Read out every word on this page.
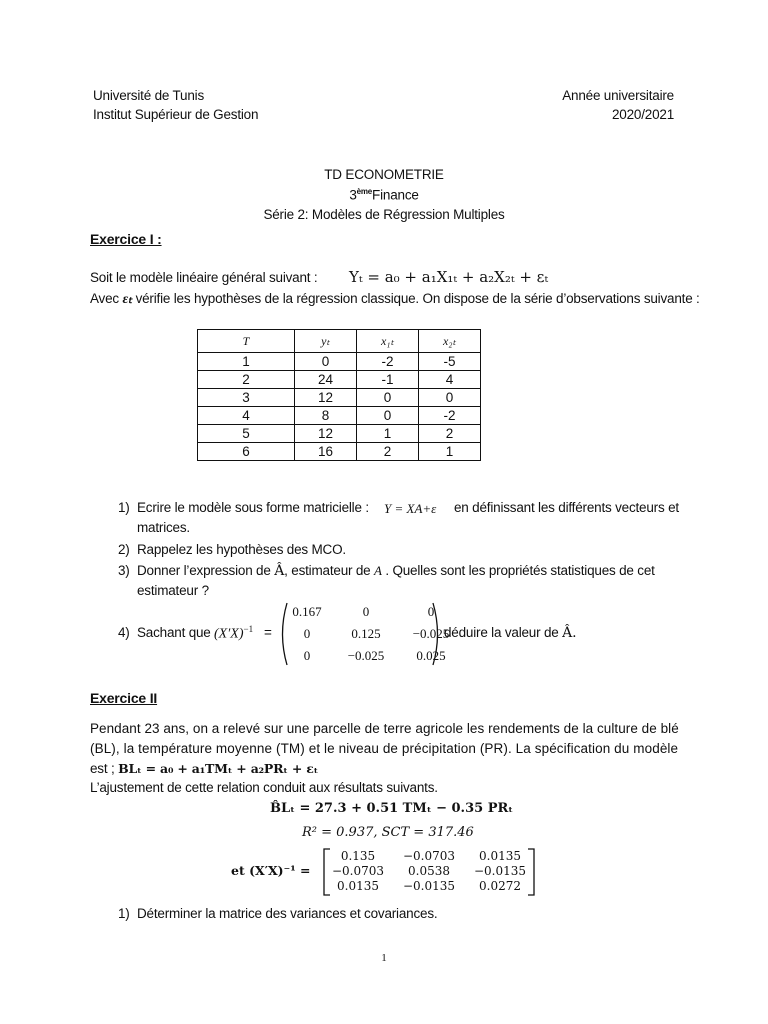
Université de Tunis
Institut Supérieur de Gestion
Année universitaire
2020/2021
TD ECONOMETRIE
3èmeFinance
Série 2: Modèles de Régression Multiples
Exercice I :
Soit le modèle linéaire général suivant : Yₜ = a₀ + a₁X₁ₜ + a₂X₂ₜ + εₜ
Avec εₜ vérifie les hypothèses de la régression classique. On dispose de la série d’observations suivante :
T	yₜ	x₁ₜ	x₂ₜ
1	0	-2	-5
2	24	-1	4
3	12	0	0
4	8	0	-2
5	12	1	2
6	16	2	1
1) Ecrire le modèle sous forme matricielle : Y = XA+ε en définissant les différents vecteurs et
matrices.
2) Rappelez les hypothèses des MCO.
3) Donner l’expression de Â, estimateur de A . Quelles sont les propriétés statistiques de cet
estimateur ?
4) Sachant que $(X'X)^{-1}$ =
0.167	0	0
0	0.125	−0.025
0	−0.025	0.025
déduire la valeur de Â.
Exercice II
Pendant 23 ans, on a relevé sur une parcelle de terre agricole les rendements de la culture de blé
(BL), la température moyenne (TM) et le niveau de précipitation (PR). La spécification du modèle
est ; BLₜ = a₀ + a₁TMₜ + a₂PRₜ + εₜ
L’ajustement de cette relation conduit aux résultats suivants.
B̂Lₜ = 27.3 + 0.51 TMₜ − 0.35 PRₜ
R² = 0.937, SCT = 317.46
et (X′X)⁻¹ =
0.135	−0.0703	0.0135
−0.0703	0.0538	−0.0135
0.0135	−0.0135	0.0272
1) Déterminer la matrice des variances et covariances.
1
